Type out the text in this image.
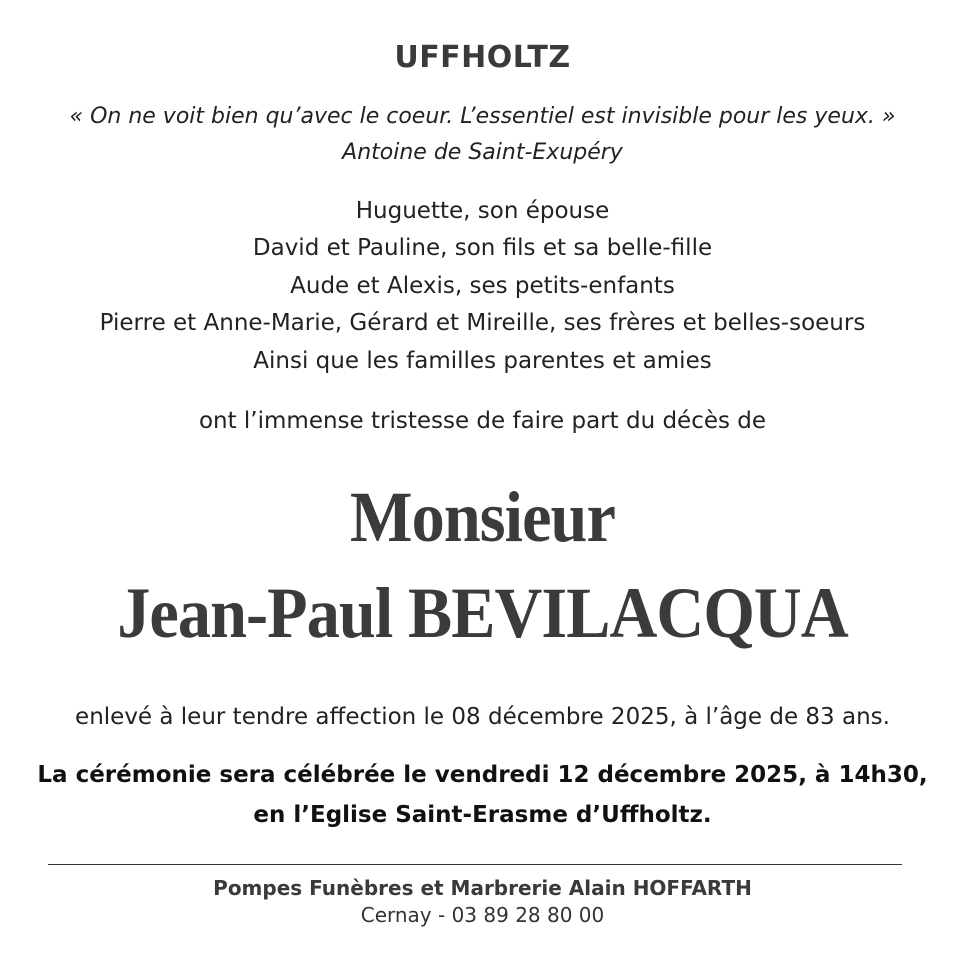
UFFHOLTZ
« On ne voit bien qu’avec le coeur. L’essentiel est invisible pour les yeux. »
Antoine de Saint-Exupéry
Huguette, son épouse
David et Pauline, son fils et sa belle-fille
Aude et Alexis, ses petits-enfants
Pierre et Anne-Marie, Gérard et Mireille, ses frères et belles-soeurs
Ainsi que les familles parentes et amies
ont l’immense tristesse de faire part du décès de
Monsieur
Jean-Paul BEVILACQUA
enlevé à leur tendre affection le 08 décembre 2025, à l’âge de 83 ans.
La cérémonie sera célébrée le vendredi 12 décembre 2025, à 14h30,
en l’Eglise Saint-Erasme d’Uffholtz.
Pompes Funèbres et Marbrerie Alain HOFFARTH
Cernay - 03 89 28 80 00
